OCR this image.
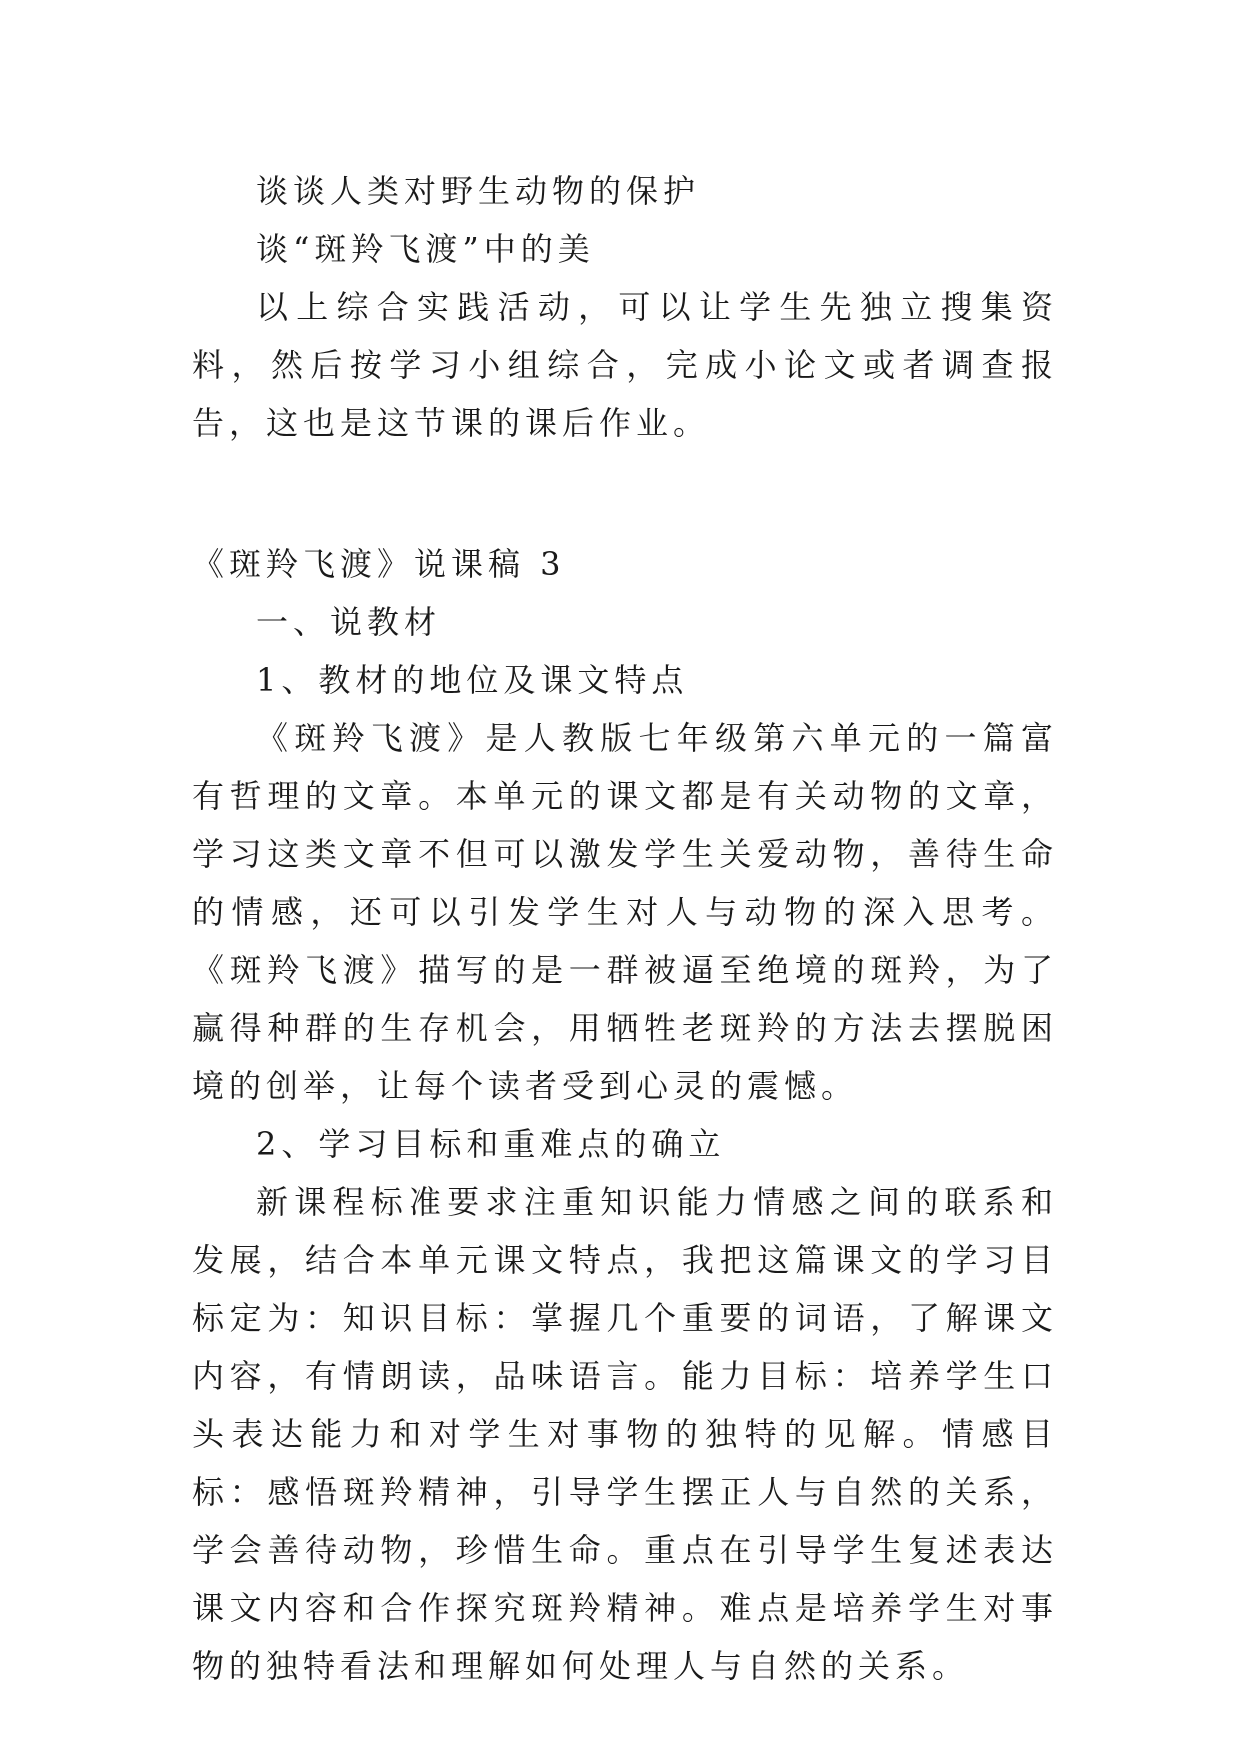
谈谈人类对野生动物的保护

谈“斑羚飞渡”中的美

以上综合实践活动，可以让学生先独立搜集资料，然后按学习小组综合，完成小论文或者调查报告，这也是这节课的课后作业。

《斑羚飞渡》说课稿 3

一、说教材

1、教材的地位及课文特点

《斑羚飞渡》是人教版七年级第六单元的一篇富有哲理的文章。本单元的课文都是有关动物的文章，学习这类文章不但可以激发学生关爱动物，善待生命的情感，还可以引发学生对人与动物的深入思考。《斑羚飞渡》描写的是一群被逼至绝境的斑羚，为了赢得种群的生存机会，用牺牲老斑羚的方法去摆脱困境的创举，让每个读者受到心灵的震憾。

2、学习目标和重难点的确立

新课程标准要求注重知识能力情感之间的联系和发展，结合本单元课文特点，我把这篇课文的学习目标定为：知识目标：掌握几个重要的词语，了解课文内容，有情朗读，品味语言。能力目标：培养学生口头表达能力和对学生对事物的独特的见解。情感目标：感悟斑羚精神，引导学生摆正人与自然的关系，学会善待动物，珍惜生命。重点在引导学生复述表达课文内容和合作探究斑羚精神。难点是培养学生对事物的独特看法和理解如何处理人与自然的关系。
